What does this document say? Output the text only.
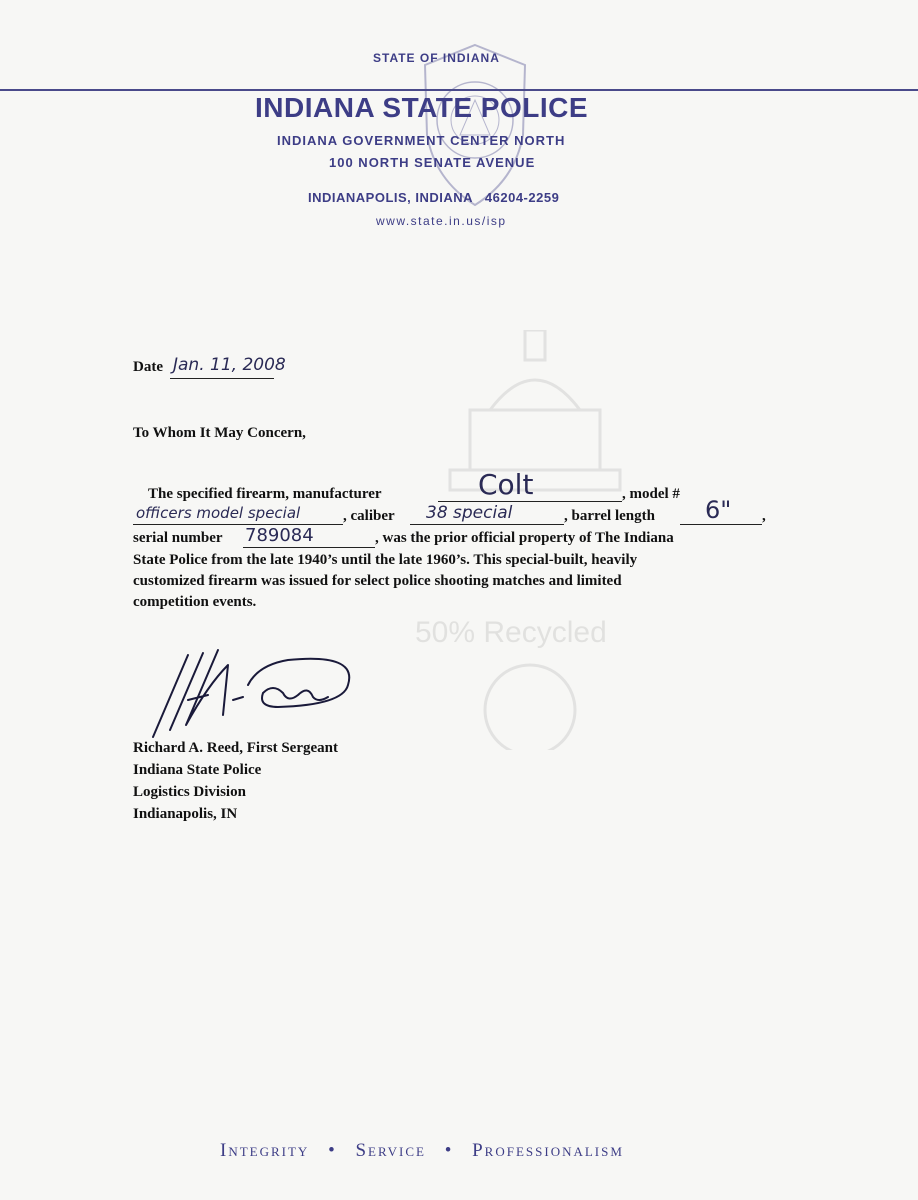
STATE OF INDIANA
INDIANA STATE POLICE
INDIANA GOVERNMENT CENTER NORTH
100 NORTH SENATE AVENUE
INDIANAPOLIS, INDIANA   46204-2259
www.state.in.us/isp
50% Recycled
Date Jan. 11, 2008
To Whom It May Concern,
The specified firearm, manufacturer	Colt	, model #
officers model special	, caliber 38 special	, barrel length 6" ,
serial number 789084	, was the prior official property of The Indiana
State Police from the late 1940’s until the late 1960’s. This special-built, heavily
customized firearm was issued for select police shooting matches and limited
competition events.
Richard A. Reed, First Sergeant
Indiana State Police
Logistics Division
Indianapolis, IN
Integrity • Service • Professionalism
